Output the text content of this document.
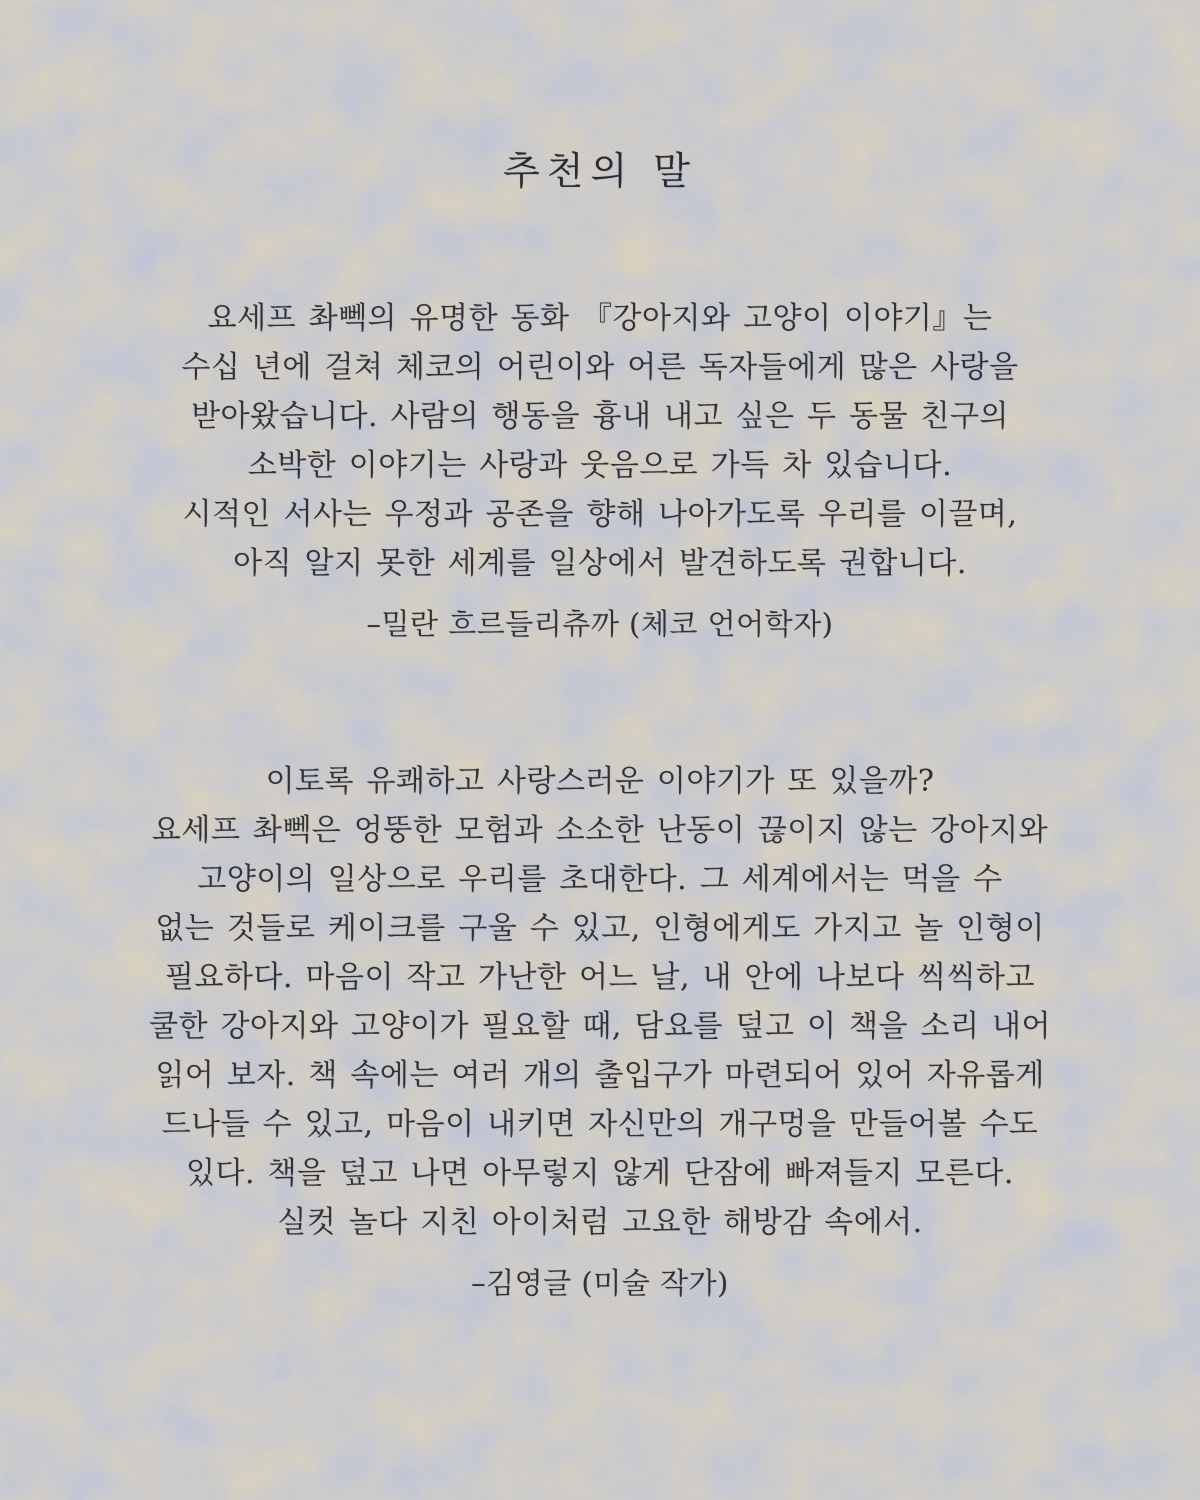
추천의 말
요세프 촤뻭의 유명한 동화 『강아지와 고양이 이야기』는
수십 년에 걸쳐 체코의 어린이와 어른 독자들에게 많은 사랑을
받아왔습니다. 사람의 행동을 흉내 내고 싶은 두 동물 친구의
소박한 이야기는 사랑과 웃음으로 가득 차 있습니다.
시적인 서사는 우정과 공존을 향해 나아가도록 우리를 이끌며,
아직 알지 못한 세계를 일상에서 발견하도록 권합니다.
–밀란 흐르들리츄까 (체코 언어학자)
이토록 유쾌하고 사랑스러운 이야기가 또 있을까?
요세프 촤뻭은 엉뚱한 모험과 소소한 난동이 끊이지 않는 강아지와
고양이의 일상으로 우리를 초대한다. 그 세계에서는 먹을 수
없는 것들로 케이크를 구울 수 있고, 인형에게도 가지고 놀 인형이
필요하다. 마음이 작고 가난한 어느 날, 내 안에 나보다 씩씩하고
쿨한 강아지와 고양이가 필요할 때, 담요를 덮고 이 책을 소리 내어
읽어 보자. 책 속에는 여러 개의 출입구가 마련되어 있어 자유롭게
드나들 수 있고, 마음이 내키면 자신만의 개구멍을 만들어볼 수도
있다. 책을 덮고 나면 아무렇지 않게 단잠에 빠져들지 모른다.
실컷 놀다 지친 아이처럼 고요한 해방감 속에서.
–김영글 (미술 작가)
